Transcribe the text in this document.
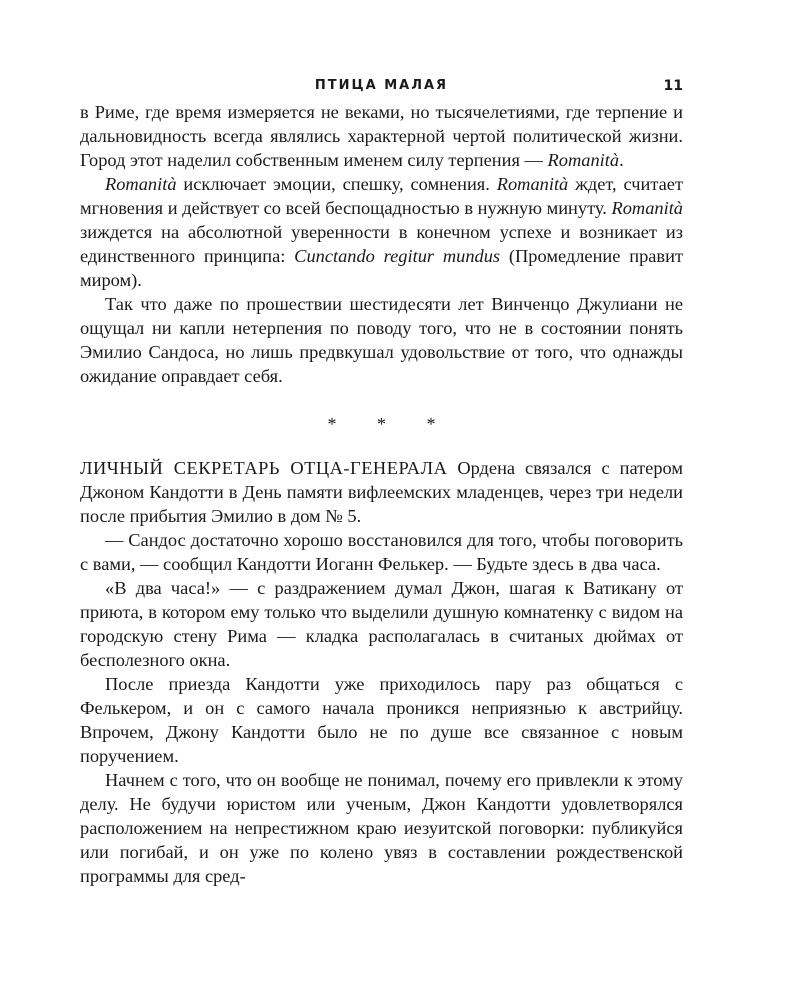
ПТИЦА МАЛАЯ	11

в Риме, где время измеряется не веками, но тысячелетиями, где терпение и дальновидность всегда являлись характерной чертой политической жизни. Город этот наделил собственным именем силу терпения — Romanità.

Romanità исключает эмоции, спешку, сомнения. Romanità ждет, считает мгновения и действует со всей беспощадностью в нужную минуту. Romanità зиждется на абсолютной уверенности в конечном успехе и возникает из единственного принципа: Cunctando regitur mundus (Промедление правит миром).

Так что даже по прошествии шестидесяти лет Винченцо Джулиани не ощущал ни капли нетерпения по поводу того, что не в состоянии понять Эмилио Сандоса, но лишь предвкушал удовольствие от того, что однажды ожидание оправдает себя.

* * *

ЛИЧНЫЙ СЕКРЕТАРЬ ОТЦА-ГЕНЕРАЛА Ордена связался с патером Джоном Кандотти в День памяти вифлеемских младенцев, через три недели после прибытия Эмилио в дом № 5.

— Сандос достаточно хорошо восстановился для того, чтобы поговорить с вами, — сообщил Кандотти Иоганн Фелькер. — Будьте здесь в два часа.

«В два часа!» — с раздражением думал Джон, шагая к Ватикану от приюта, в котором ему только что выделили душную комнатенку с видом на городскую стену Рима — кладка располагалась в считаных дюймах от бесполезного окна.

После приезда Кандотти уже приходилось пару раз общаться с Фелькером, и он с самого начала проникся неприязнью к австрийцу. Впрочем, Джону Кандотти было не по душе все связанное с новым поручением.

Начнем с того, что он вообще не понимал, почему его привлекли к этому делу. Не будучи юристом или ученым, Джон Кандотти удовлетворялся расположением на непрестижном краю иезуитской поговорки: публикуйся или погибай, и он уже по колено увяз в составлении рождественской программы для сред-
